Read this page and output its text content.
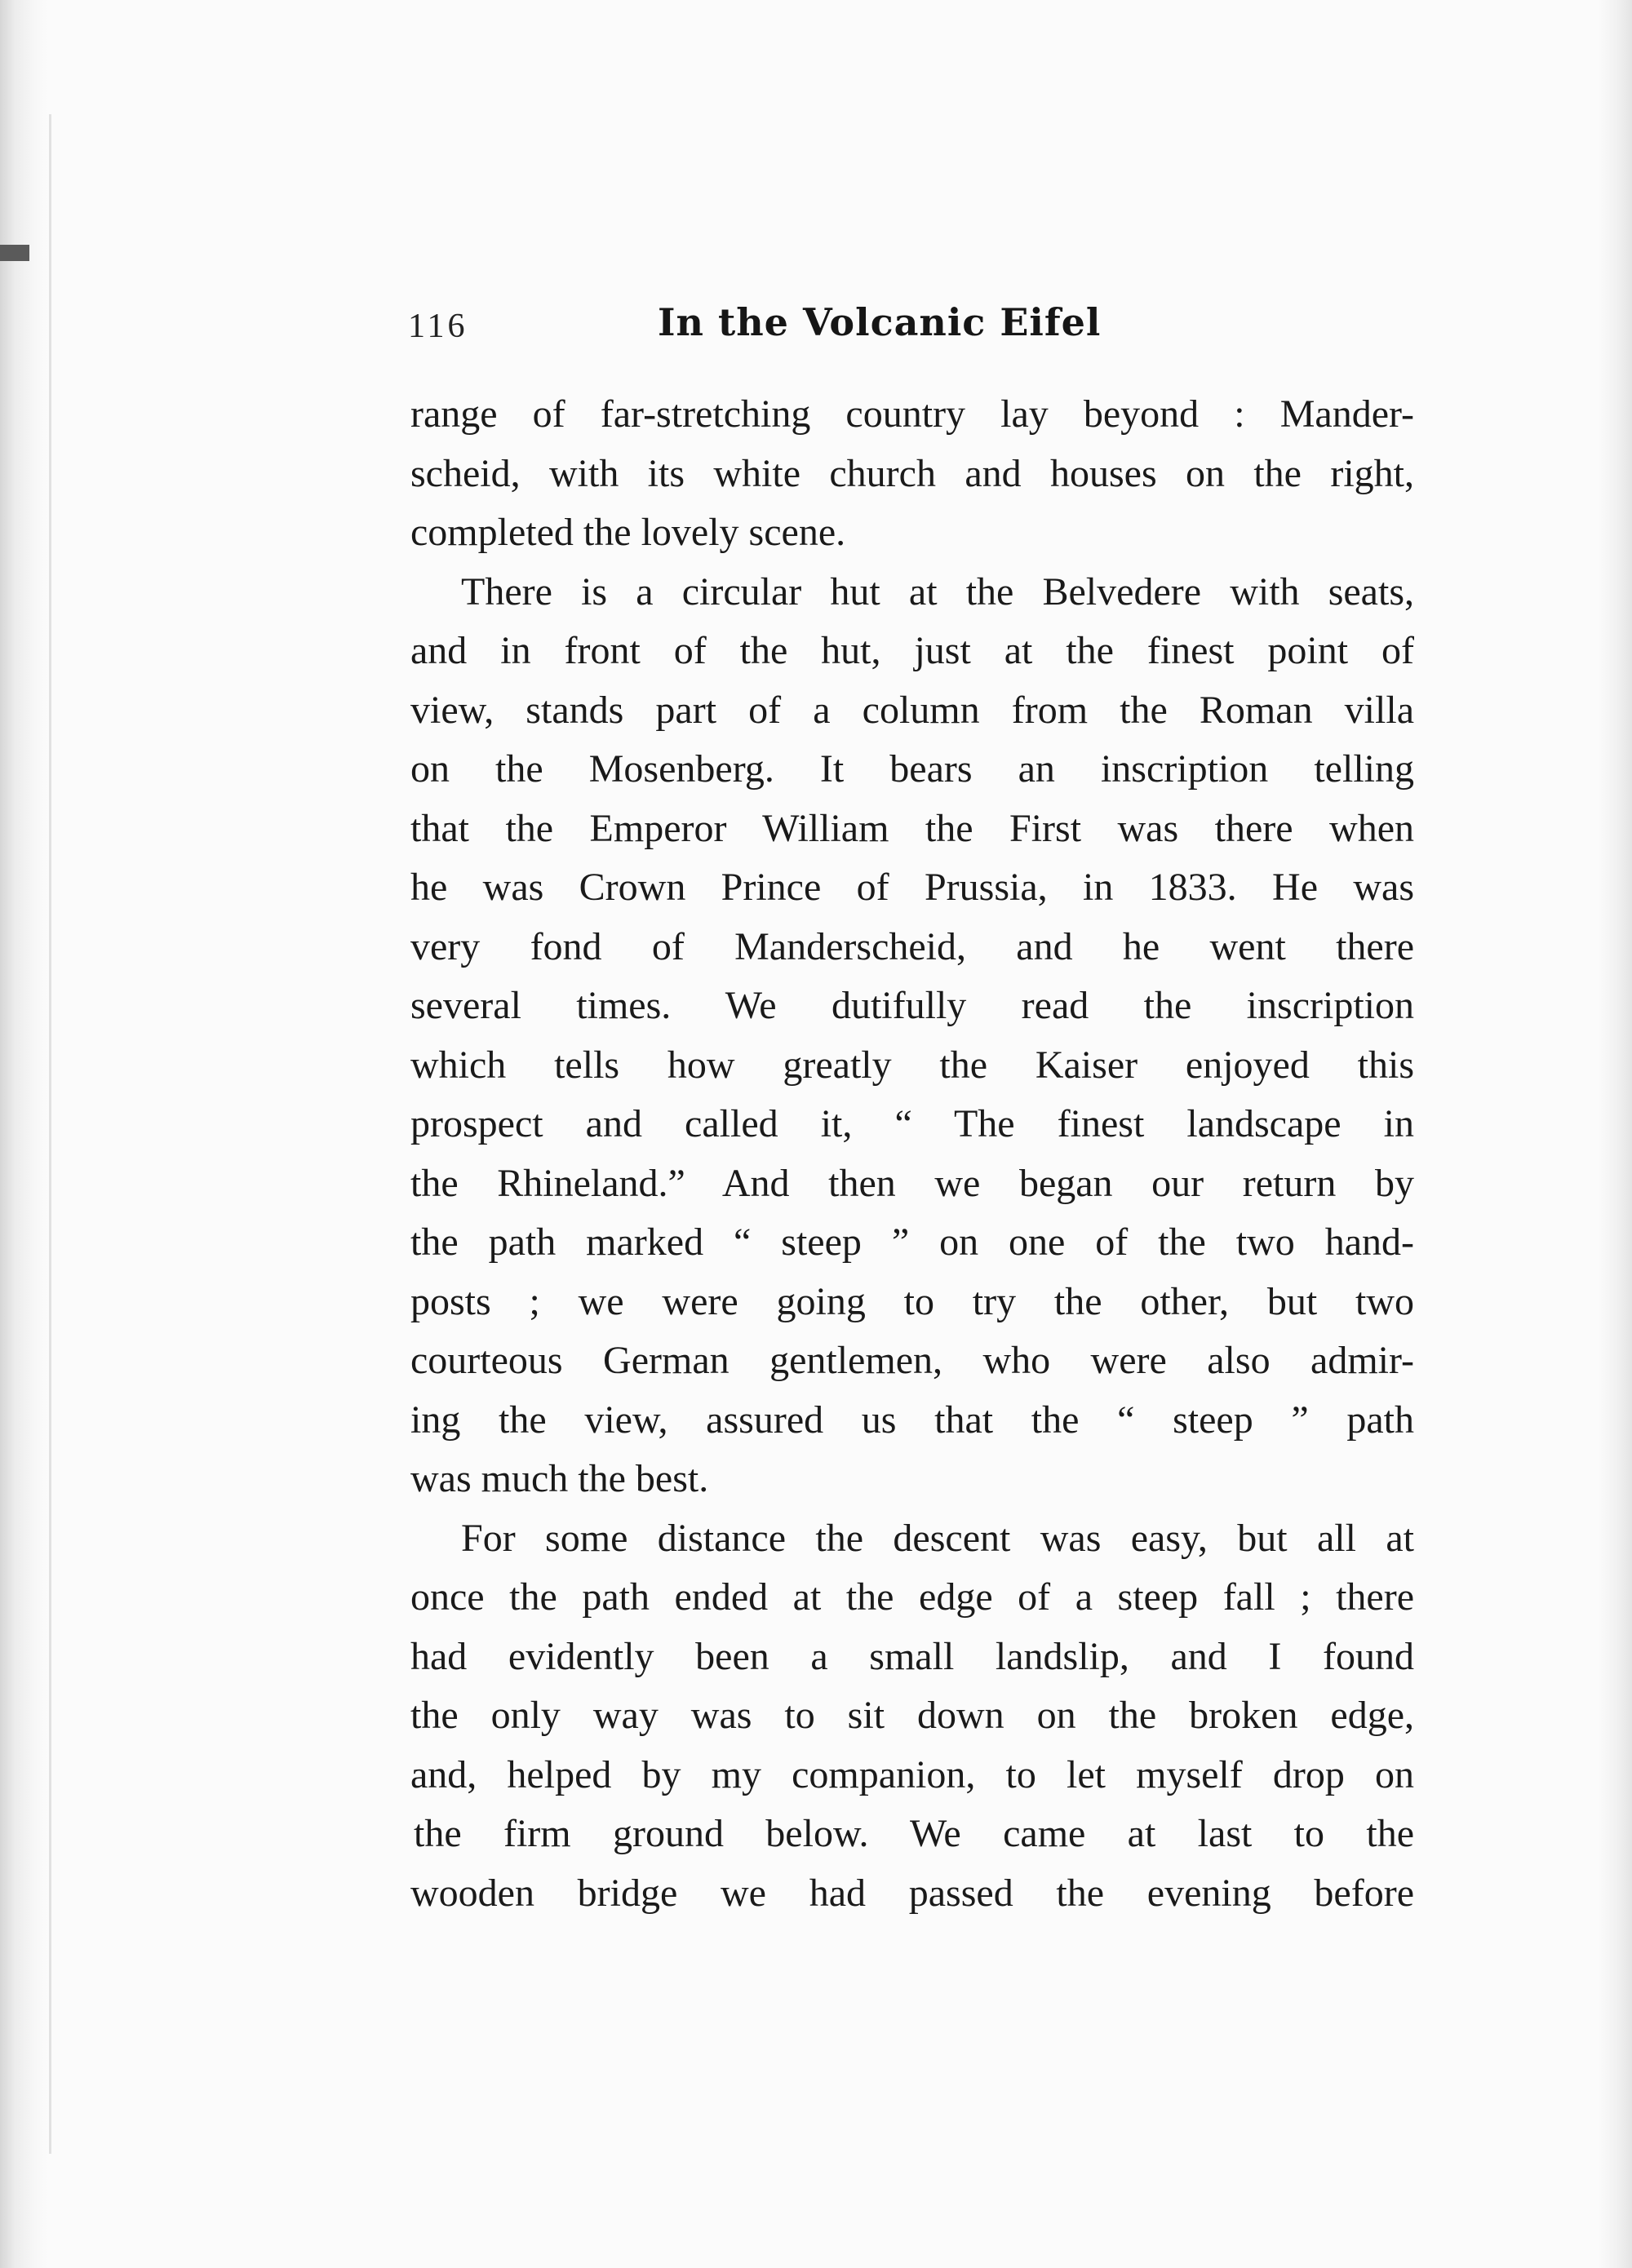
116	In the Volcanic Eifel
range of far-stretching country lay beyond : Mander-
scheid, with its white church and houses on the right,
completed the lovely scene.
There is a circular hut at the Belvedere with seats,
and in front of the hut, just at the finest point of
view, stands part of a column from the Roman villa
on the Mosenberg. It bears an inscription telling
that the Emperor William the First was there when
he was Crown Prince of Prussia, in 1833. He was
very fond of Manderscheid, and he went there
several times. We dutifully read the inscription
which tells how greatly the Kaiser enjoyed this
prospect and called it, “ The finest landscape in
the Rhineland.” And then we began our return by
the path marked “ steep ” on one of the two hand-
posts ; we were going to try the other, but two
courteous German gentlemen, who were also admir-
ing the view, assured us that the “ steep ” path
was much the best.
For some distance the descent was easy, but all at
once the path ended at the edge of a steep fall ; there
had evidently been a small landslip, and I found
the only way was to sit down on the broken edge,
and, helped by my companion, to let myself drop on
the firm ground below. We came at last to the
wooden bridge we had passed the evening before
